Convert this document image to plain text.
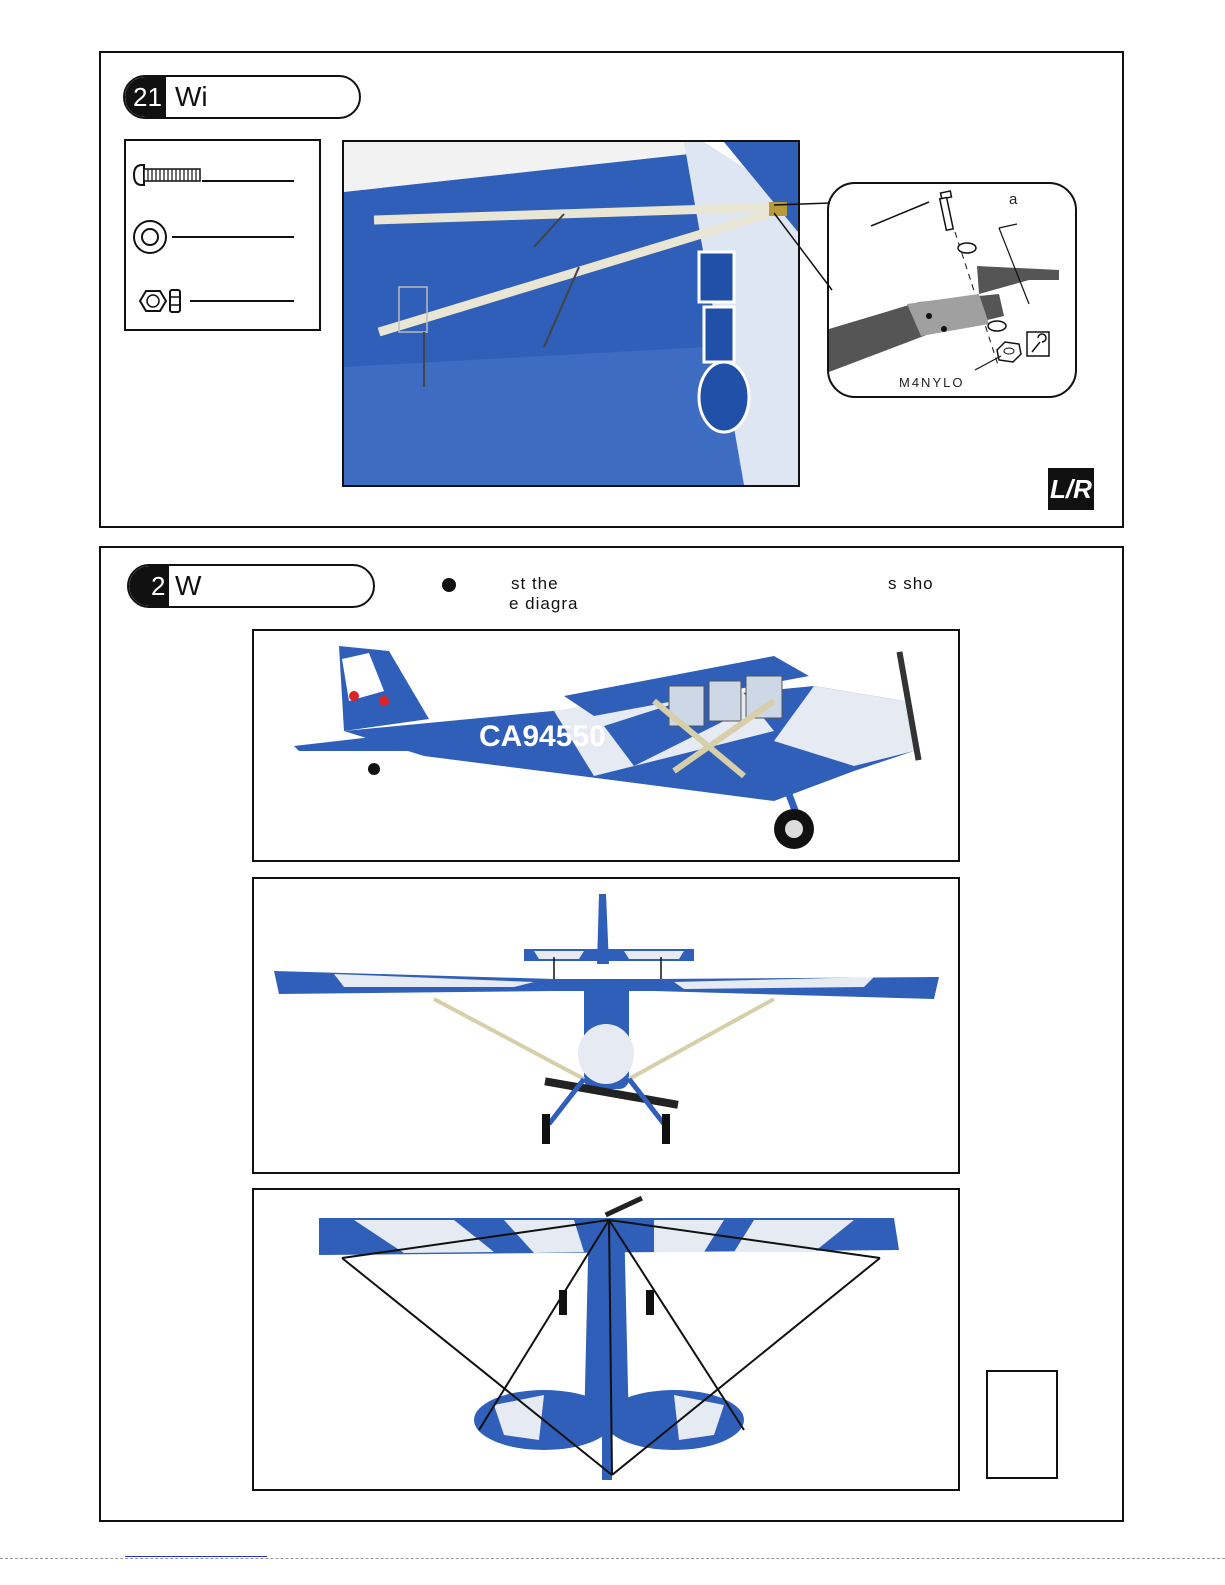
21 Wi
a
M4NYLO
L/R
2 W	st the	s sho
e diagra
CA94550
